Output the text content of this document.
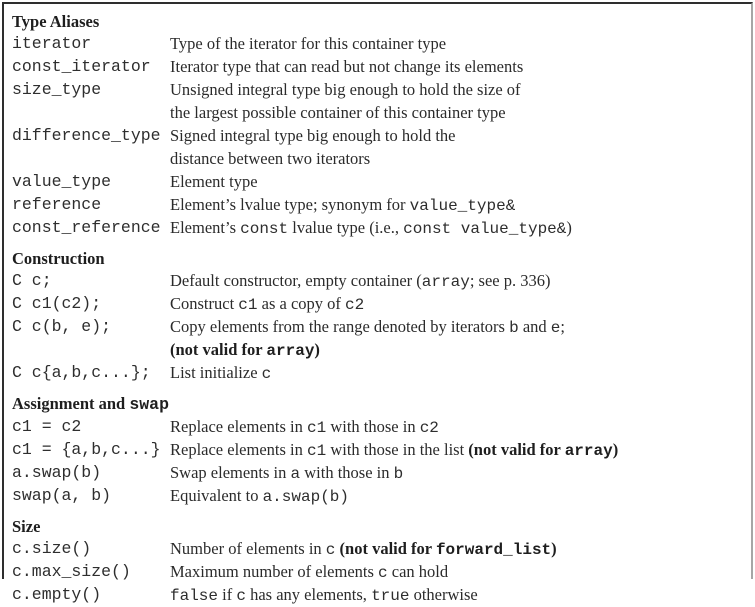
Type Aliases
iterator	Type of the iterator for this container type
const_iterator	Iterator type that can read but not change its elements
size_type	Unsigned integral type big enough to hold the size of
the largest possible container of this container type
difference_type Signed integral type big enough to hold the
distance between two iterators
value_type	Element type
reference	Element’s lvalue type; synonym for value_type&
const_reference Element’s const lvalue type (i.e., const value_type&)
Construction
C c;	Default constructor, empty container (array; see p. 336)
C c1(c2);	Construct c1 as a copy of c2
C c(b, e);	Copy elements from the range denoted by iterators b and e;
(not valid for array)
C c{a,b,c...};	List initialize c
Assignment and swap
c1 = c2	Replace elements in c1 with those in c2
c1 = {a,b,c...} Replace elements in c1 with those in the list (not valid for array)
a.swap(b)	Swap elements in a with those in b
swap(a, b)	Equivalent to a.swap(b)
Size
c.size()	Number of elements in c (not valid for forward_list)
c.max_size()	Maximum number of elements c can hold
c.empty()	false if c has any elements, true otherwise
